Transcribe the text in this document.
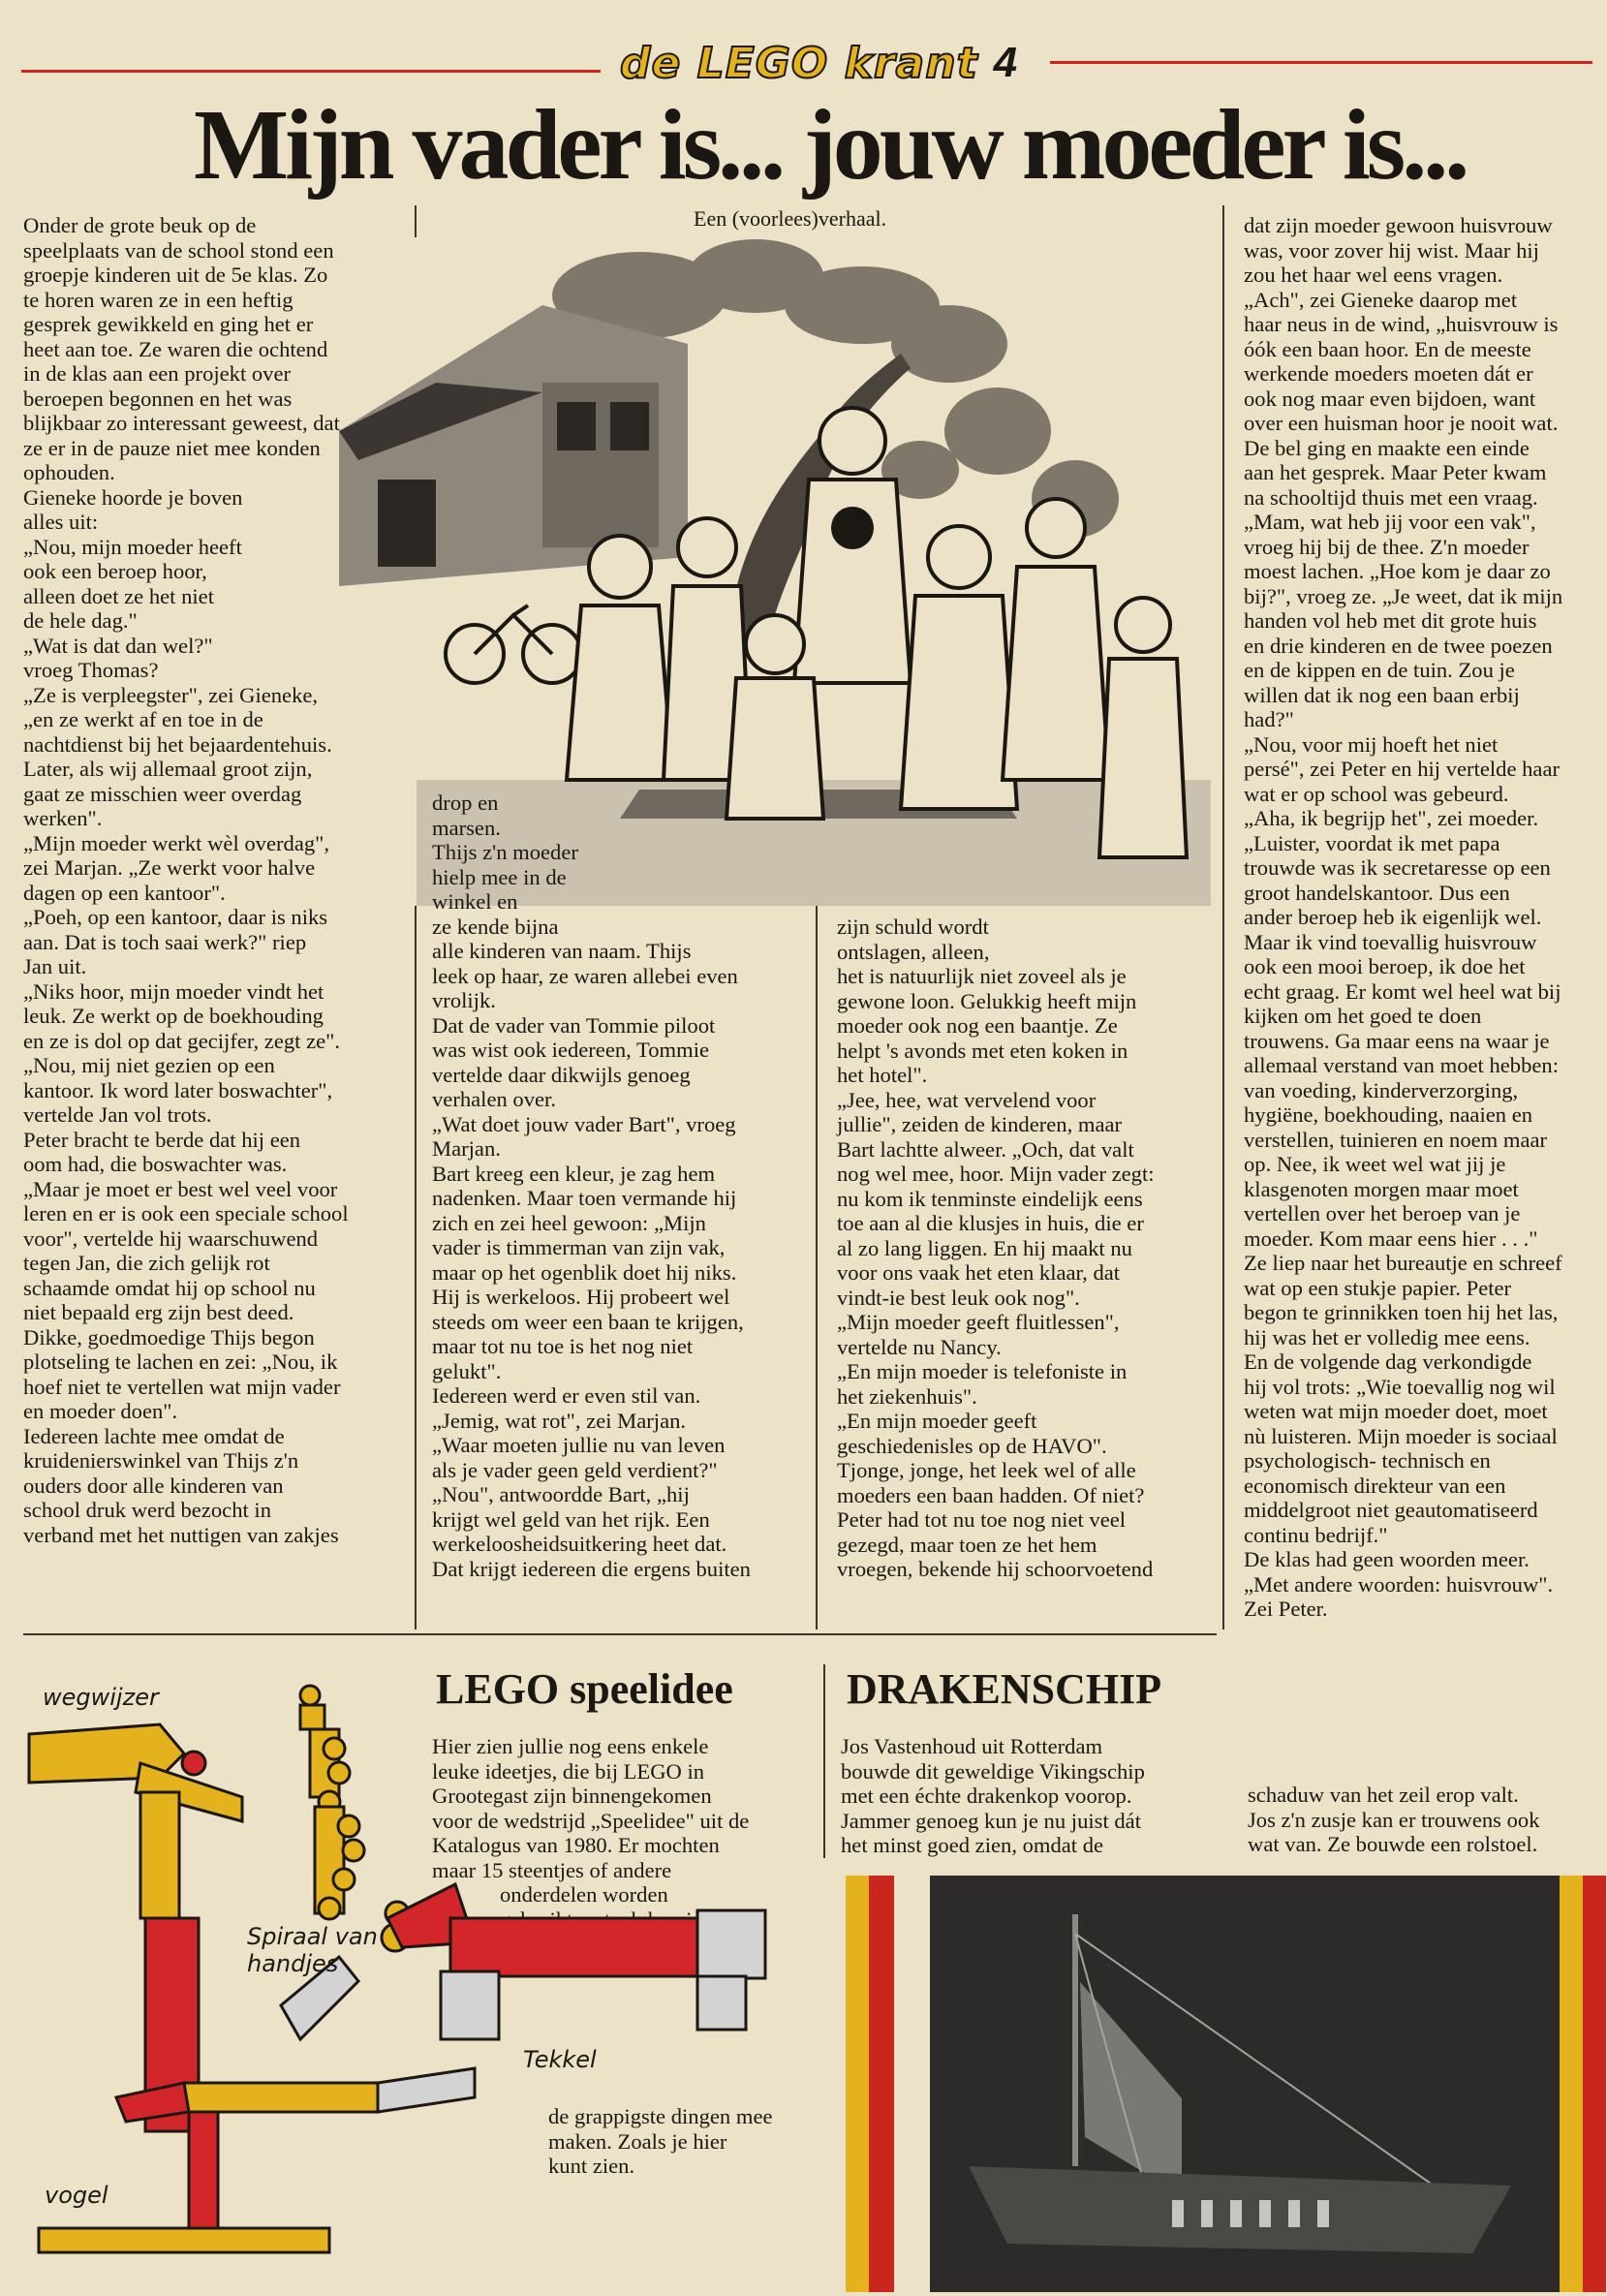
de LEGO krant 4
Mijn vader is... jouw moeder is...
Een (voorlees)verhaal.

Onder de grote beuk op de
speelplaats van de school stond een
groepje kinderen uit de 5e klas. Zo
te horen waren ze in een heftig
gesprek gewikkeld en ging het er
heet aan toe. Ze waren die ochtend
in de klas aan een projekt over
beroepen begonnen en het was
blijkbaar zo interessant geweest, dat
ze er in de pauze niet mee konden
ophouden.
Gieneke hoorde je boven
alles uit:
„Nou, mijn moeder heeft
ook een beroep hoor,
alleen doet ze het niet
de hele dag."
„Wat is dat dan wel?"
vroeg Thomas?
„Ze is verpleegster", zei Gieneke,
„en ze werkt af en toe in de
nachtdienst bij het bejaardentehuis.
Later, als wij allemaal groot zijn,
gaat ze misschien weer overdag
werken".
„Mijn moeder werkt wèl overdag",
zei Marjan. „Ze werkt voor halve
dagen op een kantoor".
„Poeh, op een kantoor, daar is niks
aan. Dat is toch saai werk?" riep
Jan uit.
„Niks hoor, mijn moeder vindt het
leuk. Ze werkt op de boekhouding
en ze is dol op dat gecijfer, zegt ze".
„Nou, mij niet gezien op een
kantoor. Ik word later boswachter",
vertelde Jan vol trots.
Peter bracht te berde dat hij een
oom had, die boswachter was.
„Maar je moet er best wel veel voor
leren en er is ook een speciale school
voor", vertelde hij waarschuwend
tegen Jan, die zich gelijk rot
schaamde omdat hij op school nu
niet bepaald erg zijn best deed.
Dikke, goedmoedige Thijs begon
plotseling te lachen en zei: „Nou, ik
hoef niet te vertellen wat mijn vader
en moeder doen".
Iedereen lachte mee omdat de
kruidenierswinkel van Thijs z'n
ouders door alle kinderen van
school druk werd bezocht in
verband met het nuttigen van zakjes

drop en
marsen.
Thijs z'n moeder
hielp mee in de
winkel en
ze kende bijna
alle kinderen van naam. Thijs
leek op haar, ze waren allebei even
vrolijk.
Dat de vader van Tommie piloot
was wist ook iedereen, Tommie
vertelde daar dikwijls genoeg
verhalen over.
„Wat doet jouw vader Bart", vroeg
Marjan.
Bart kreeg een kleur, je zag hem
nadenken. Maar toen vermande hij
zich en zei heel gewoon: „Mijn
vader is timmerman van zijn vak,
maar op het ogenblik doet hij niks.
Hij is werkeloos. Hij probeert wel
steeds om weer een baan te krijgen,
maar tot nu toe is het nog niet
gelukt".
Iedereen werd er even stil van.
„Jemig, wat rot", zei Marjan.
„Waar moeten jullie nu van leven
als je vader geen geld verdient?"
„Nou", antwoordde Bart, „hij
krijgt wel geld van het rijk. Een
werkeloosheidsuitkering heet dat.
Dat krijgt iedereen die ergens buiten

zijn schuld wordt
ontslagen, alleen,
het is natuurlijk niet zoveel als je
gewone loon. Gelukkig heeft mijn
moeder ook nog een baantje. Ze
helpt 's avonds met eten koken in
het hotel".
„Jee, hee, wat vervelend voor
jullie", zeiden de kinderen, maar
Bart lachtte alweer. „Och, dat valt
nog wel mee, hoor. Mijn vader zegt:
nu kom ik tenminste eindelijk eens
toe aan al die klusjes in huis, die er
al zo lang liggen. En hij maakt nu
voor ons vaak het eten klaar, dat
vindt-ie best leuk ook nog".
„Mijn moeder geeft fluitlessen",
vertelde nu Nancy.
„En mijn moeder is telefoniste in
het ziekenhuis".
„En mijn moeder geeft
geschiedenisles op de HAVO".
Tjonge, jonge, het leek wel of alle
moeders een baan hadden. Of niet?
Peter had tot nu toe nog niet veel
gezegd, maar toen ze het hem
vroegen, bekende hij schoorvoetend

dat zijn moeder gewoon huisvrouw
was, voor zover hij wist. Maar hij
zou het haar wel eens vragen.
„Ach", zei Gieneke daarop met
haar neus in de wind, „huisvrouw is
óók een baan hoor. En de meeste
werkende moeders moeten dát er
ook nog maar even bijdoen, want
over een huisman hoor je nooit wat.
De bel ging en maakte een einde
aan het gesprek. Maar Peter kwam
na schooltijd thuis met een vraag.
„Mam, wat heb jij voor een vak",
vroeg hij bij de thee. Z'n moeder
moest lachen. „Hoe kom je daar zo
bij?", vroeg ze. „Je weet, dat ik mijn
handen vol heb met dit grote huis
en drie kinderen en de twee poezen
en de kippen en de tuin. Zou je
willen dat ik nog een baan erbij
had?"
„Nou, voor mij hoeft het niet
persé", zei Peter en hij vertelde haar
wat er op school was gebeurd.
„Aha, ik begrijp het", zei moeder.
„Luister, voordat ik met papa
trouwde was ik secretaresse op een
groot handelskantoor. Dus een
ander beroep heb ik eigenlijk wel.
Maar ik vind toevallig huisvrouw
ook een mooi beroep, ik doe het
echt graag. Er komt wel heel wat bij
kijken om het goed te doen
trouwens. Ga maar eens na waar je
allemaal verstand van moet hebben:
van voeding, kinderverzorging,
hygiëne, boekhouding, naaien en
verstellen, tuinieren en noem maar
op. Nee, ik weet wel wat jij je
klasgenoten morgen maar moet
vertellen over het beroep van je
moeder. Kom maar eens hier . . ."
Ze liep naar het bureautje en schreef
wat op een stukje papier. Peter
begon te grinnikken toen hij het las,
hij was het er volledig mee eens.
En de volgende dag verkondigde
hij vol trots: „Wie toevallig nog wil
weten wat mijn moeder doet, moet
nù luisteren. Mijn moeder is sociaal
psychologisch- technisch en
economisch direkteur van een
middelgroot niet geautomatiseerd
continu bedrijf."
De klas had geen woorden meer.
„Met andere woorden: huisvrouw".
Zei Peter.

LEGO speelidee

Hier zien jullie nog eens enkele
leuke ideetjes, die bij LEGO in
Grootegast zijn binnengekomen
voor de wedstrijd „Speelidee" uit de
Katalogus van 1980. Er mochten
maar 15 steentjes of andere

onderdelen worden

de grappigste dingen mee
maken. Zoals je hier
kunt zien.

wegwijzer
Spiraal van
handjes
Tekkel
vogel
DRAKENSCHIP

Jos Vastenhoud uit Rotterdam
bouwde dit geweldige Vikingschip
met een échte drakenkop voorop.
Jammer genoeg kun je nu juist dát
het minst goed zien, omdat de

schaduw van het zeil erop valt.
Jos z'n zusje kan er trouwens ook
wat van. Ze bouwde een rolstoel.
